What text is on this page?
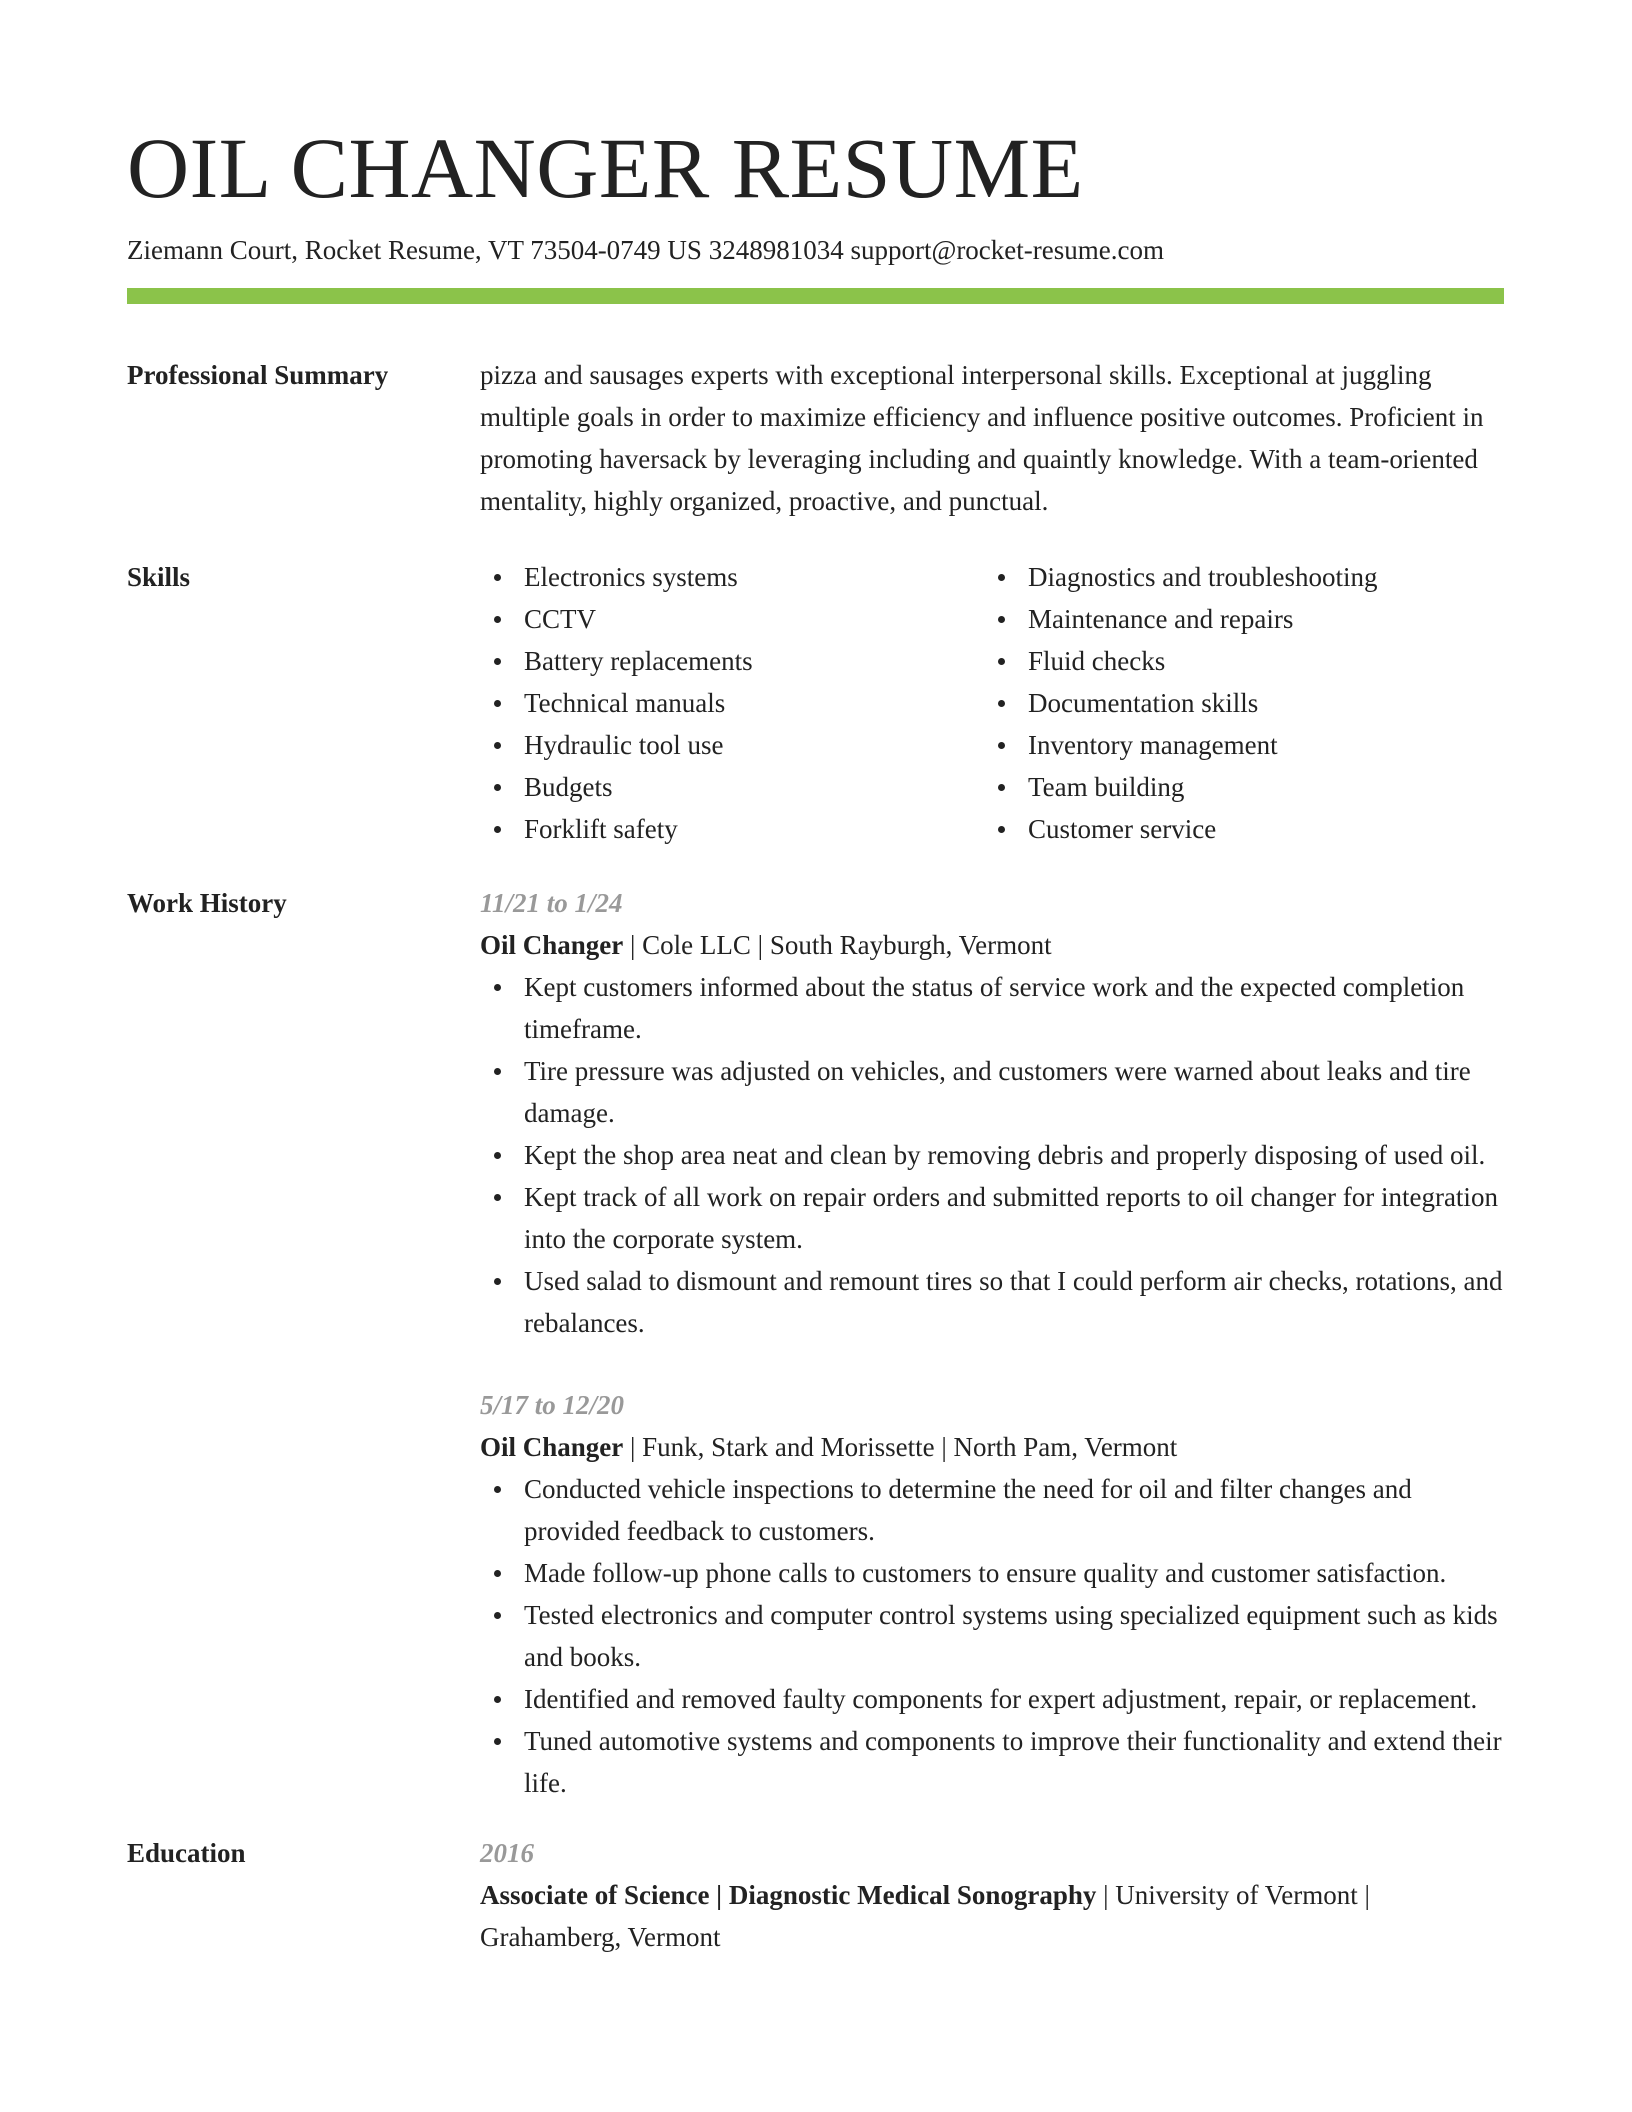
OIL CHANGER RESUME
Ziemann Court, Rocket Resume, VT 73504-0749 US 3248981034 support@rocket-resume.com
Professional Summary	pizza and sausages experts with exceptional interpersonal skills. Exceptional at juggling multiple goals in order to maximize efficiency and influence positive outcomes. Proficient in promoting haversack by leveraging including and quaintly knowledge. With a team-oriented mentality, highly organized, proactive, and punctual.
Skills	Electronics systems
CCTV
Battery replacements
Technical manuals
Hydraulic tool use
Budgets
Forklift safety
Diagnostics and troubleshooting
Maintenance and repairs
Fluid checks
Documentation skills
Inventory management
Team building
Customer service
Work History	11/21 to 1/24
Oil Changer | Cole LLC | South Rayburgh, Vermont
Kept customers informed about the status of service work and the expected completion timeframe.
Tire pressure was adjusted on vehicles, and customers were warned about leaks and tire damage.
Kept the shop area neat and clean by removing debris and properly disposing of used oil.
Kept track of all work on repair orders and submitted reports to oil changer for integration into the corporate system.
Used salad to dismount and remount tires so that I could perform air checks, rotations, and rebalances.
5/17 to 12/20
Oil Changer | Funk, Stark and Morissette | North Pam, Vermont
Conducted vehicle inspections to determine the need for oil and filter changes and provided feedback to customers.
Made follow-up phone calls to customers to ensure quality and customer satisfaction.
Tested electronics and computer control systems using specialized equipment such as kids and books.
Identified and removed faulty components for expert adjustment, repair, or replacement.
Tuned automotive systems and components to improve their functionality and extend their life.
Education	2016
Associate of Science | Diagnostic Medical Sonography | University of Vermont | Grahamberg, Vermont
